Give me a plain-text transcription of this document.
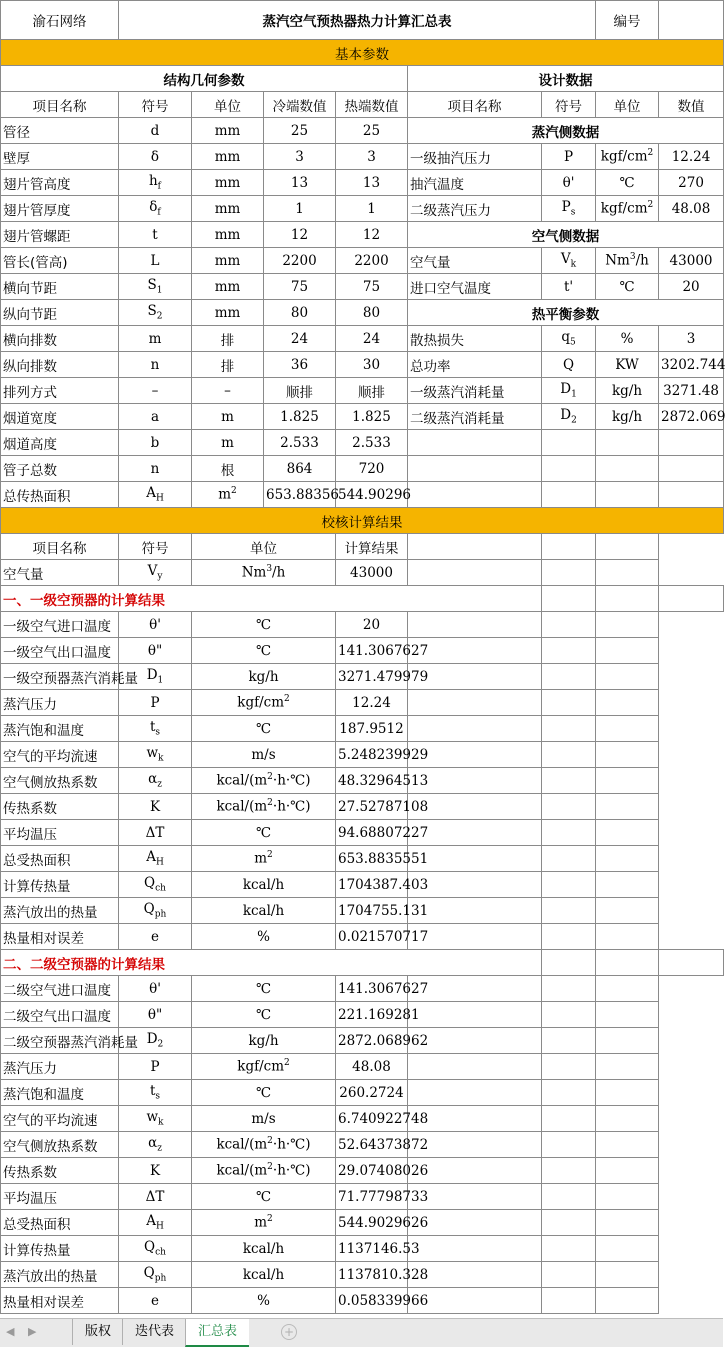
渝石网络	蒸汽空气预热器热力计算汇总表						编号	
基本参数								
结构几何参数					设计数据			
项目名称	符号	单位	冷端数值	热端数值	项目名称	符号	单位	数值
管径	d	mm	25	25	蒸汽侧数据			
壁厚	δ	mm	3	3	一级抽汽压力	P	kgf/$cm^2$	12.24
翅片管高度	$h_f$	mm	13	13	抽汽温度	θ'	℃	270
翅片管厚度	$\delta_f$	mm	1	1	二级蒸汽压力	$P_s$	kgf/$cm^2$	48.08
翅片管螺距	t	mm	12	12	空气侧数据			
管长(管高)	L	mm	2200	2200	空气量	$V_k$	Nm$^3$/h	43000
横向节距	$S_1$	mm	75	75	进口空气温度	t'	℃	20
纵向节距	$S_2$	mm	80	80	热平衡参数			
横向排数	m	排	24	24	散热损失	$q_5$	%	3
纵向排数	n	排	36	30	总功率	Q	KW	3202.744
排列方式	–	–	顺排	顺排	一级蒸汽消耗量	$D_1$	kg/h	3271.48
烟道宽度	a	m	1.825	1.825	二级蒸汽消耗量	$D_2$	kg/h	2872.069
烟道高度	b	m	2.533	2.533				
管子总数	n	根	864	720				
总传热面积	$A_H$	$m^2$	653.88356	544.90296				
校核计算结果								
项目名称	符号	单位		计算结果				
空气量	$V_y$	Nm$^3$/h		43000				
一、一级空预器的计算结果								
一级空气进口温度	θ'	℃		20				
一级空气出口温度	θ"	℃		141.3067627				
一级空预器蒸汽消耗量	$D_1$	kg/h		3271.479979				
蒸汽压力	P	kgf/$cm^2$		12.24				
蒸汽饱和温度	$t_s$	℃		187.9512				
空气的平均流速	$w_k$	m/s		5.248239929				
空气侧放热系数	$\alpha_z$	kcal/$(m^2\cdot h\cdot℃)$		48.32964513				
传热系数	K	kcal/$(m^2\cdot h\cdot℃)$		27.52787108				
平均温压	ΔT	℃		94.68807227				
总受热面积	$A_H$	$m^2$		653.8835551				
计算传热量	$Q_{ch}$	kcal/h		1704387.403				
蒸汽放出的热量	$Q_{ph}$	kcal/h		1704755.131				
热量相对误差	e	%		0.021570717				
二、二级空预器的计算结果								
二级空气进口温度	θ'	℃		141.3067627				
二级空气出口温度	θ"	℃		221.169281				
二级空预器蒸汽消耗量	$D_2$	kg/h		2872.068962				
蒸汽压力	P	kgf/$cm^2$		48.08				
蒸汽饱和温度	$t_s$	℃		260.2724				
空气的平均流速	$w_k$	m/s		6.740922748				
空气侧放热系数	$\alpha_z$	kcal/$(m^2\cdot h\cdot℃)$		52.64373872				
传热系数	K	kcal/$(m^2\cdot h\cdot℃)$		29.07408026				
平均温压	ΔT	℃		71.77798733				
总受热面积	$A_H$	$m^2$		544.9029626				
计算传热量	$Q_{ch}$	kcal/h		1137146.53				
蒸汽放出的热量	$Q_{ph}$	kcal/h		1137810.328				
热量相对误差	e	%		0.058339966				
◀ ▶	版权	迭代表	汇总表	+
